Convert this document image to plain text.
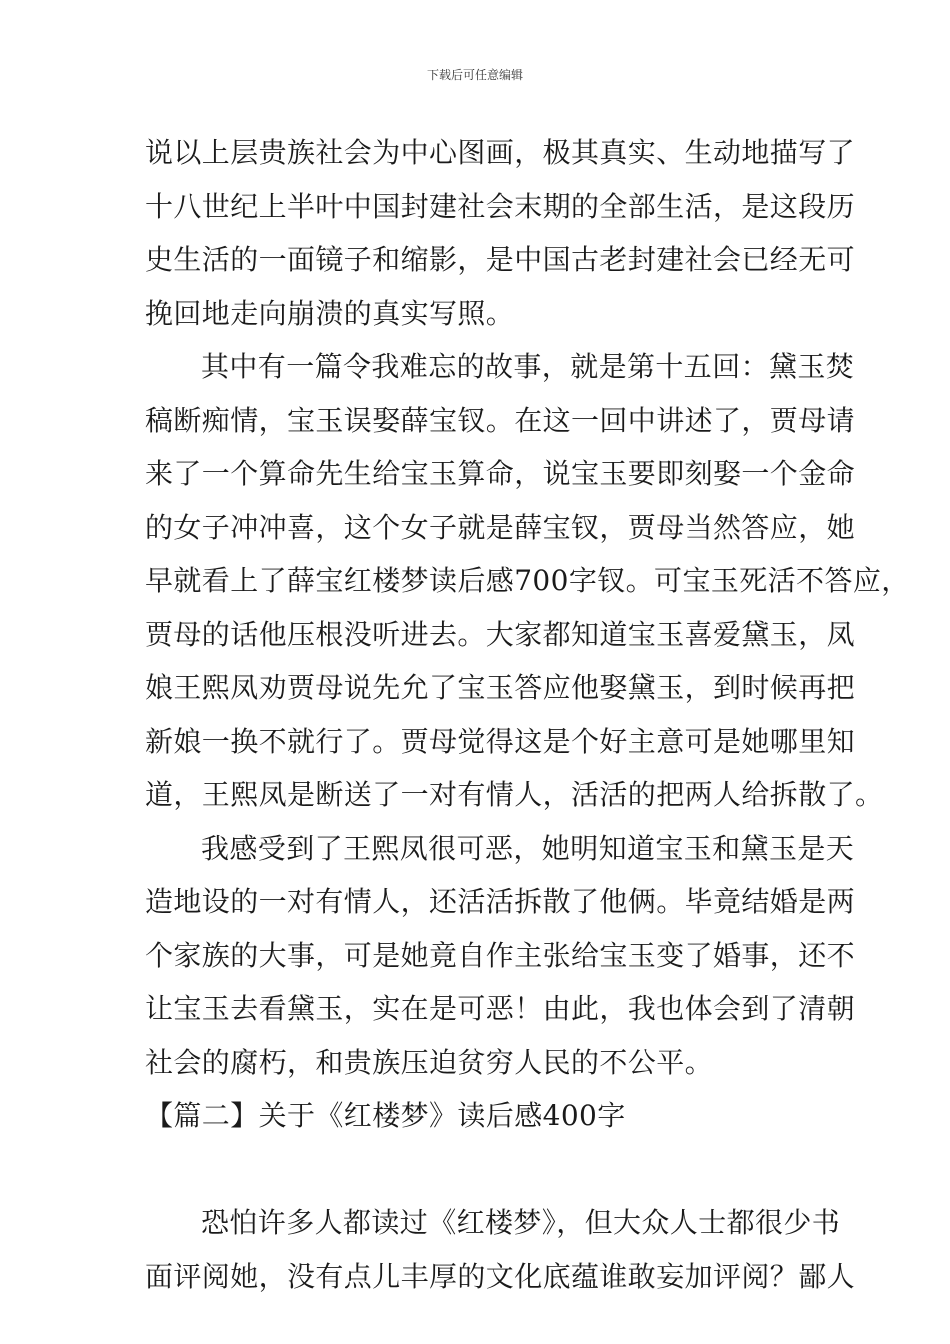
下载后可任意编辑
说以上层贵族社会为中心图画，极其真实、生动地描写了
十八世纪上半叶中国封建社会末期的全部生活，是这段历
史生活的一面镜子和缩影，是中国古老封建社会已经无可
挽回地走向崩溃的真实写照。
其中有一篇令我难忘的故事，就是第十五回：黛玉焚
稿断痴情，宝玉误娶薛宝钗。在这一回中讲述了，贾母请
来了一个算命先生给宝玉算命，说宝玉要即刻娶一个金命
的女子冲冲喜，这个女子就是薛宝钗，贾母当然答应，她
早就看上了薛宝红楼梦读后感700字钗。可宝玉死活不答应，
贾母的话他压根没听进去。大家都知道宝玉喜爱黛玉，凤
娘王熙凤劝贾母说先允了宝玉答应他娶黛玉，到时候再把
新娘一换不就行了。贾母觉得这是个好主意可是她哪里知
道，王熙凤是断送了一对有情人，活活的把两人给拆散了。
我感受到了王熙凤很可恶，她明知道宝玉和黛玉是天
造地设的一对有情人，还活活拆散了他俩。毕竟结婚是两
个家族的大事，可是她竟自作主张给宝玉变了婚事，还不
让宝玉去看黛玉，实在是可恶！由此，我也体会到了清朝
社会的腐朽，和贵族压迫贫穷人民的不公平。
【篇二】关于《红楼梦》读后感400字
恐怕许多人都读过《红楼梦》，但大众人士都很少书
面评阅她，没有点儿丰厚的文化底蕴谁敢妄加评阅？鄙人
